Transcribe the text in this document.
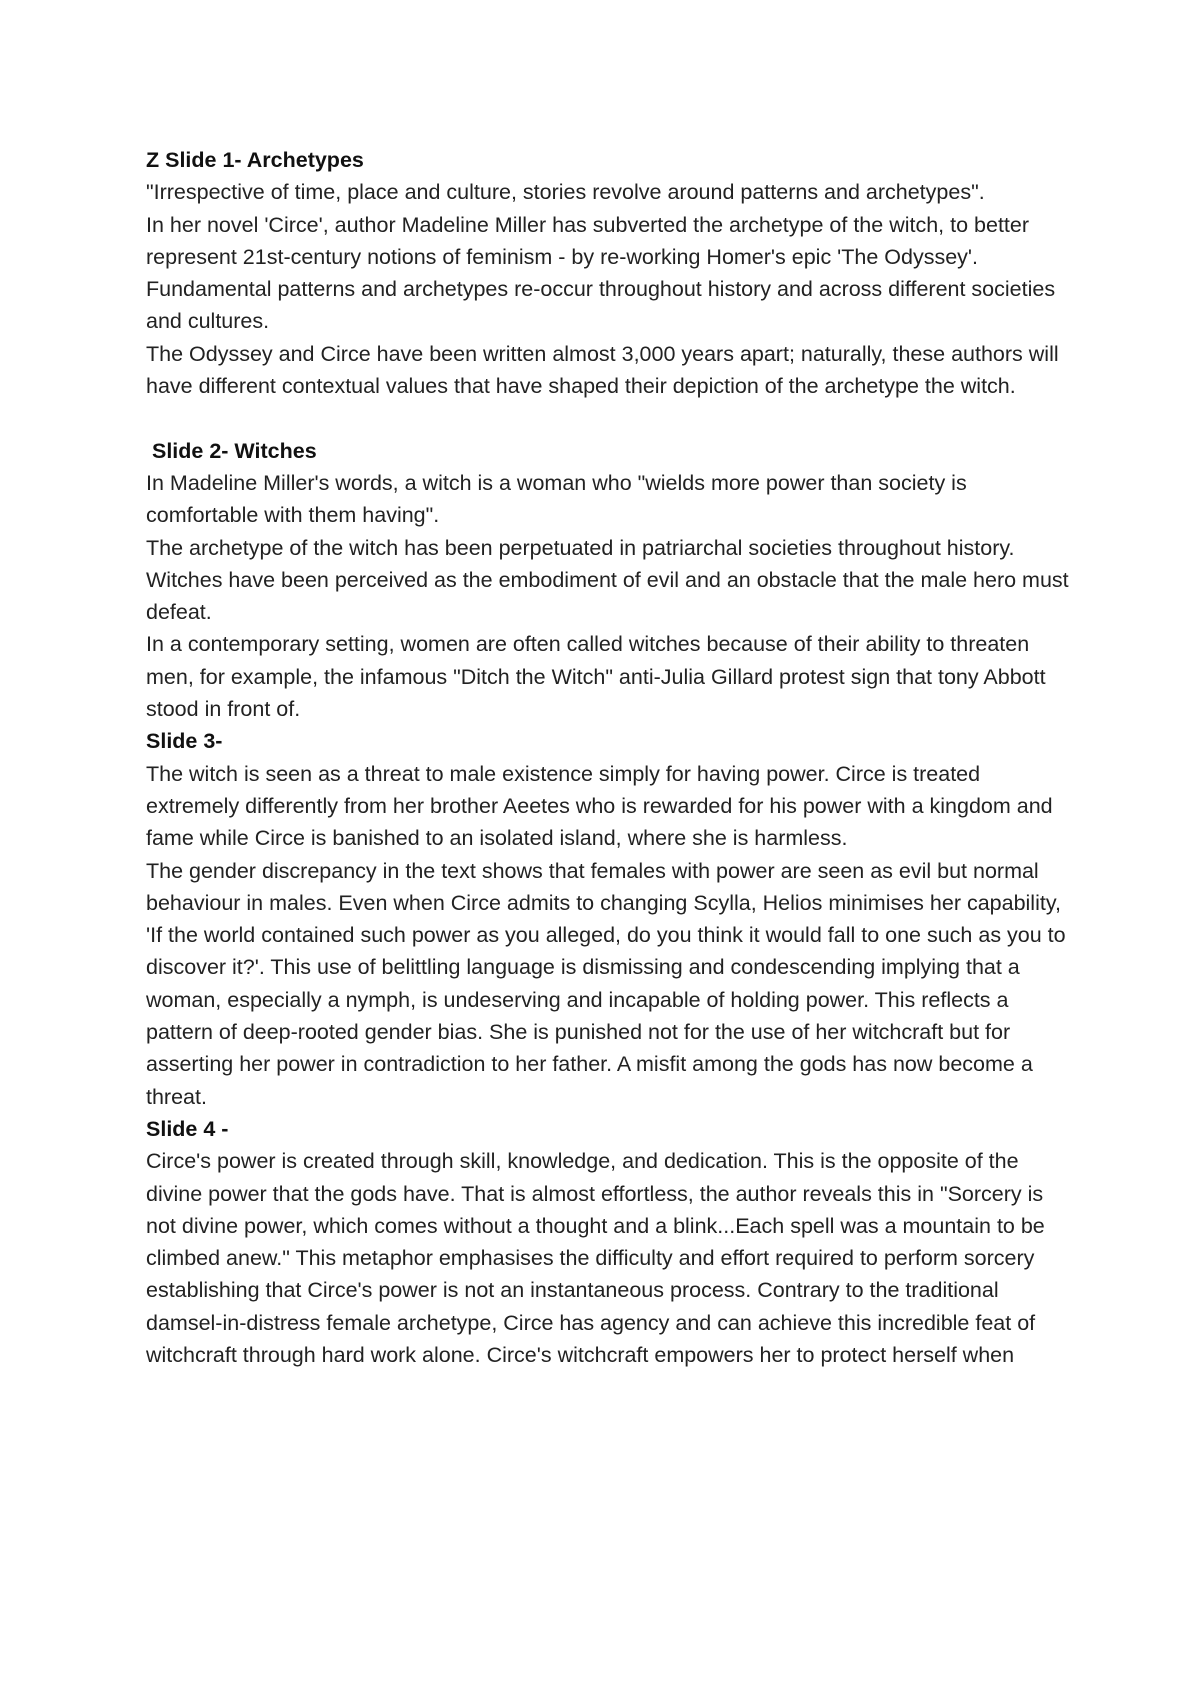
Z Slide 1- Archetypes

"Irrespective of time, place and culture, stories revolve around patterns and archetypes".

In her novel 'Circe', author Madeline Miller has subverted the archetype of the witch, to better represent 21st-century notions of feminism - by re-working Homer's epic 'The Odyssey'.

Fundamental patterns and archetypes re-occur throughout history and across different societies and cultures.

The Odyssey and Circe have been written almost 3,000 years apart; naturally, these authors will have different contextual values that have shaped their depiction of the archetype the witch.

Slide 2- Witches

In Madeline Miller's words, a witch is a woman who "wields more power than society is comfortable with them having".

The archetype of the witch has been perpetuated in patriarchal societies throughout history. Witches have been perceived as the embodiment of evil and an obstacle that the male hero must defeat.

In a contemporary setting, women are often called witches because of their ability to threaten men, for example, the infamous "Ditch the Witch" anti-Julia Gillard protest sign that tony Abbott stood in front of.

Slide 3-

The witch is seen as a threat to male existence simply for having power. Circe is treated extremely differently from her brother Aeetes who is rewarded for his power with a kingdom and fame while Circe is banished to an isolated island, where she is harmless.

The gender discrepancy in the text shows that females with power are seen as evil but normal behaviour in males. Even when Circe admits to changing Scylla, Helios minimises her capability, 'If the world contained such power as you alleged, do you think it would fall to one such as you to discover it?'. This use of belittling language is dismissing and condescending implying that a woman, especially a nymph, is undeserving and incapable of holding power. This reflects a pattern of deep-rooted gender bias. She is punished not for the use of her witchcraft but for asserting her power in contradiction to her father. A misfit among the gods has now become a threat.

Slide 4 -

Circe's power is created through skill, knowledge, and dedication. This is the opposite of the divine power that the gods have. That is almost effortless, the author reveals this in "Sorcery is not divine power, which comes without a thought and a blink...Each spell was a mountain to be climbed anew." This metaphor emphasises the difficulty and effort required to perform sorcery establishing that Circe's power is not an instantaneous process. Contrary to the traditional damsel-in-distress female archetype, Circe has agency and can achieve this incredible feat of witchcraft through hard work alone. Circe's witchcraft empowers her to protect herself when
